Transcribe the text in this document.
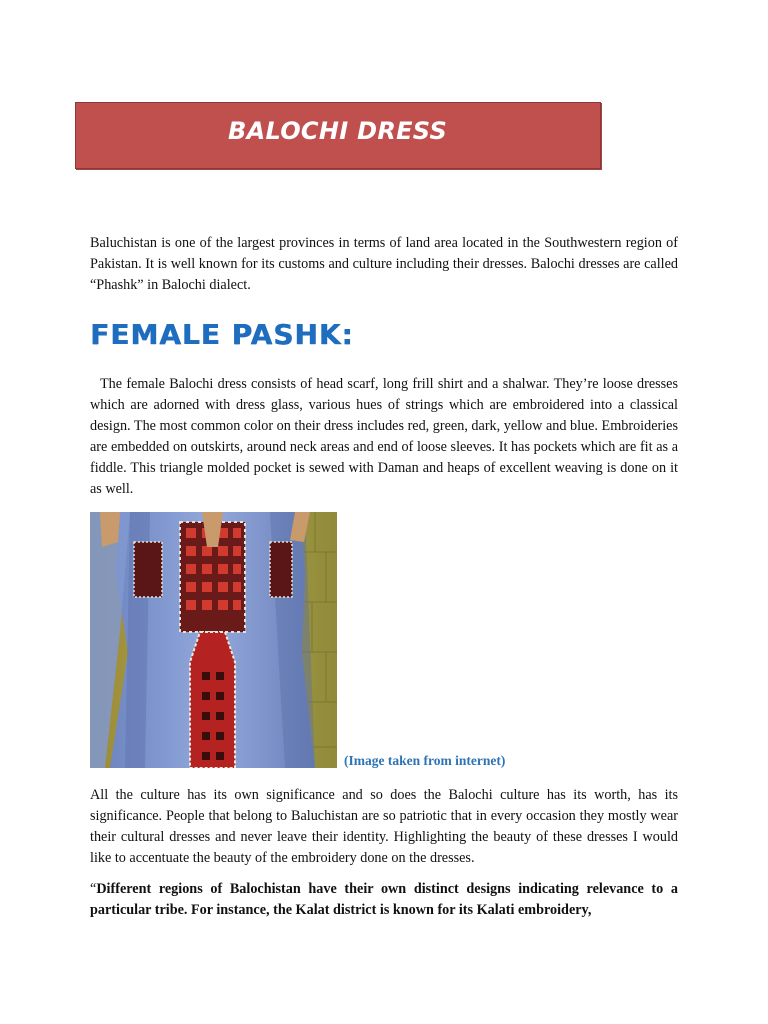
BALOCHI DRESS

Baluchistan is one of the largest provinces in terms of land area located in the Southwestern region of Pakistan. It is well known for its customs and culture including their dresses. Balochi dresses are called “Phashk” in Balochi dialect.

FEMALE PASHK:

The female Balochi dress consists of head scarf, long frill shirt and a shalwar. They’re loose dresses which are adorned with dress glass, various hues of strings which are embroidered into a classical design. The most common color on their dress includes red, green, dark, yellow and blue. Embroideries are embedded on outskirts, around neck areas and end of loose sleeves. It has pockets which are fit as a fiddle. This triangle molded pocket is sewed with Daman and heaps of excellent weaving is done on it as well.

(Image taken from internet)

All the culture has its own significance and so does the Balochi culture has its worth, has its significance. People that belong to Baluchistan are so patriotic that in every occasion they mostly wear their cultural dresses and never leave their identity. Highlighting the beauty of these dresses I would like to accentuate the beauty of the embroidery done on the dresses.

“Different regions of Balochistan have their own distinct designs indicating relevance to a particular tribe. For instance, the Kalat district is known for its Kalati embroidery,
